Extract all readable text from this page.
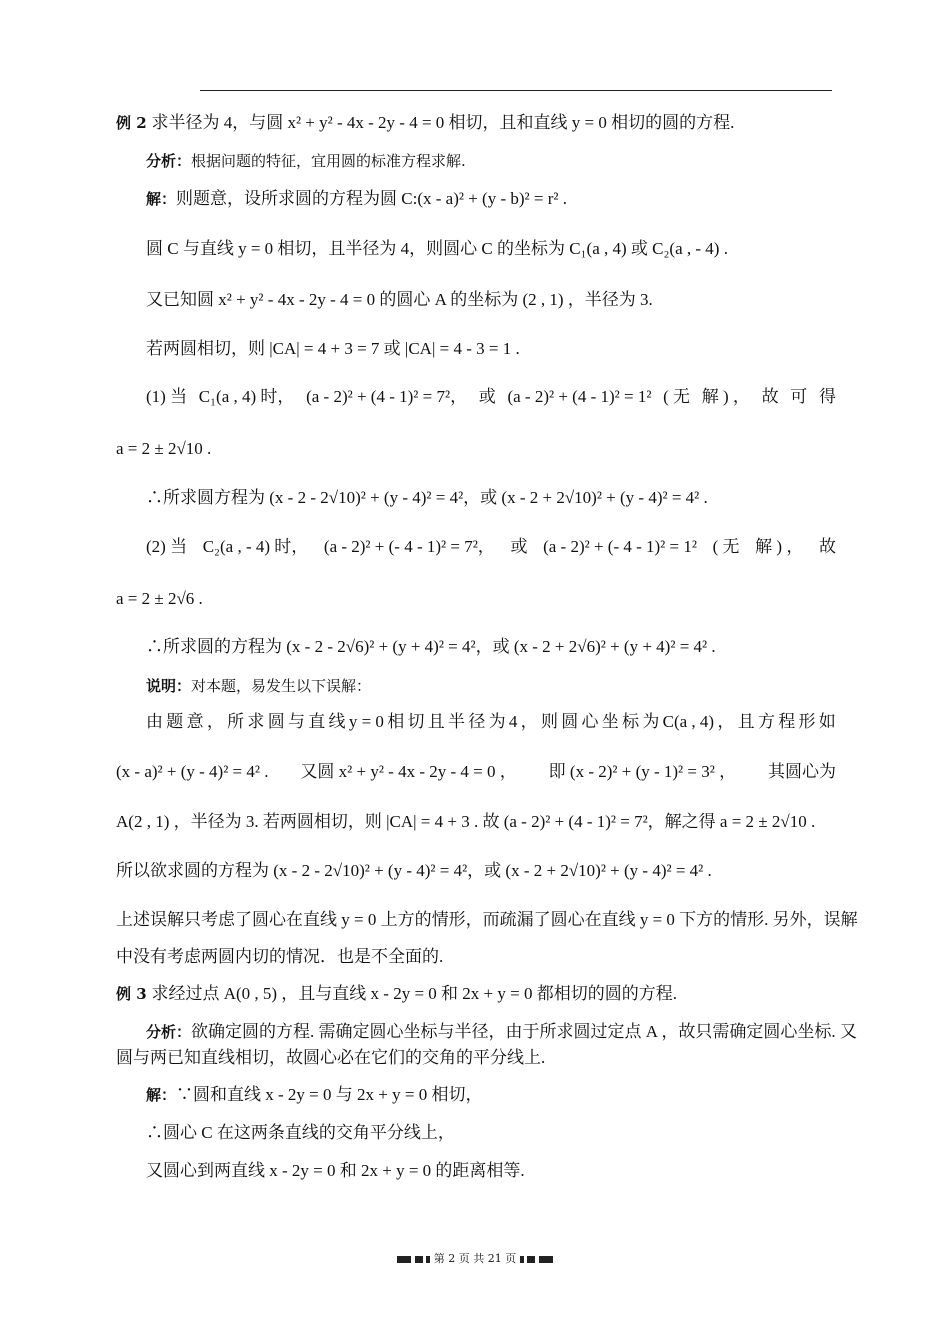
例 2 求半径为 4，与圆 x² + y² - 4x - 2y - 4 = 0 相切，且和直线 y = 0 相切的圆的方程.
分析：根据问题的特征，宜用圆的标准方程求解.
解：则题意，设所求圆的方程为圆 C:(x - a)² + (y - b)² = r² .
圆 C 与直线 y = 0 相切，且半径为 4，则圆心 C 的坐标为 C₁(a , 4) 或 C₂(a , - 4) .
又已知圆 x² + y² - 4x - 2y - 4 = 0 的圆心 A 的坐标为 (2 , 1) ，半径为 3.
若两圆相切，则 |CA| = 4 + 3 = 7 或 |CA| = 4 - 3 = 1 .
(1) 当 C₁(a , 4) 时， (a - 2)² + (4 - 1)² = 7²， 或 (a - 2)² + (4 - 1)² = 1² ( 无 解 ) ， 故 可 得
a = 2 ± 2√10 .
∴所求圆方程为 (x - 2 - 2√10)² + (y - 4)² = 4²，或 (x - 2 + 2√10)² + (y - 4)² = 4² .
(2) 当 C₂(a , - 4) 时， (a - 2)² + (- 4 - 1)² = 7²， 或 (a - 2)² + (- 4 - 1)² = 1² ( 无 解 ) ， 故
a = 2 ± 2√6 .
∴所求圆的方程为 (x - 2 - 2√6)² + (y + 4)² = 4²，或 (x - 2 + 2√6)² + (y + 4)² = 4² .
说明：对本题，易发生以下误解：
由 题 意 ， 所 求 圆 与 直 线 y = 0 相 切 且 半 径 为 4 ， 则 圆 心 坐 标 为 C(a , 4) ， 且 方 程 形 如
(x - a)² + (y - 4)² = 4² . 又圆 x² + y² - 4x - 2y - 4 = 0 ， 即 (x - 2)² + (y - 1)² = 3² ， 其圆心为
A(2 , 1) ，半径为 3. 若两圆相切，则 |CA| = 4 + 3 . 故 (a - 2)² + (4 - 1)² = 7²，解之得 a = 2 ± 2√10 .
所以欲求圆的方程为 (x - 2 - 2√10)² + (y - 4)² = 4²，或 (x - 2 + 2√10)² + (y - 4)² = 4² .
上述误解只考虑了圆心在直线 y = 0 上方的情形，而疏漏了圆心在直线 y = 0 下方的情形. 另外，误解
中没有考虑两圆内切的情况．也是不全面的.
例 3 求经过点 A(0 , 5) ，且与直线 x - 2y = 0 和 2x + y = 0 都相切的圆的方程.
分析：欲确定圆的方程. 需确定圆心坐标与半径，由于所求圆过定点 A ，故只需确定圆心坐标. 又
圆与两已知直线相切，故圆心必在它们的交角的平分线上.
解：∵圆和直线 x - 2y = 0 与 2x + y = 0 相切，
∴圆心 C 在这两条直线的交角平分线上，
又圆心到两直线 x - 2y = 0 和 2x + y = 0 的距离相等.
第 2 页 共 21 页
